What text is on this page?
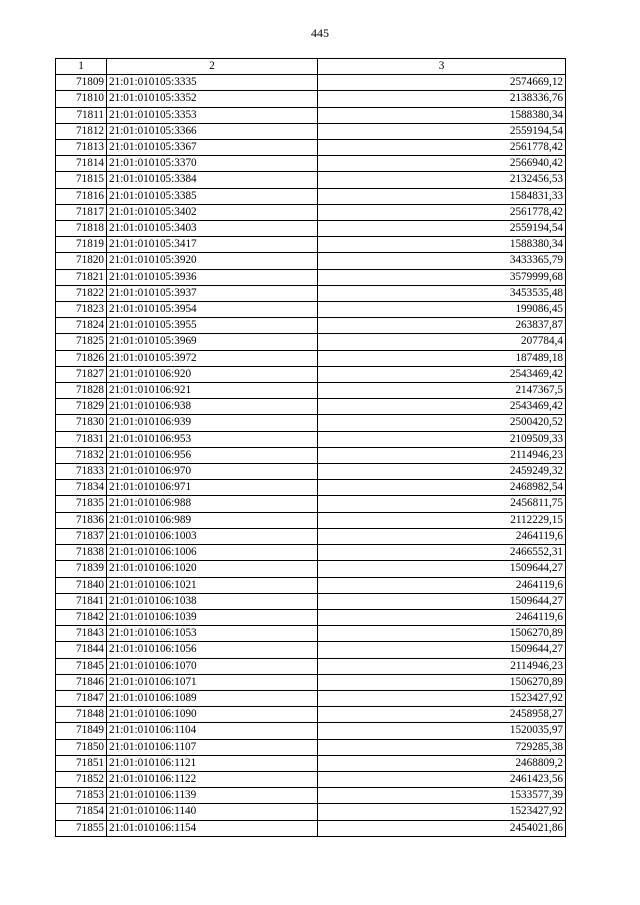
445
1	2	3
71809	21:01:010105:3335	2574669,12
71810	21:01:010105:3352	2138336,76
71811	21:01:010105:3353	1588380,34
71812	21:01:010105:3366	2559194,54
71813	21:01:010105:3367	2561778,42
71814	21:01:010105:3370	2566940,42
71815	21:01:010105:3384	2132456,53
71816	21:01:010105:3385	1584831,33
71817	21:01:010105:3402	2561778,42
71818	21:01:010105:3403	2559194,54
71819	21:01:010105:3417	1588380,34
71820	21:01:010105:3920	3433365,79
71821	21:01:010105:3936	3579999,68
71822	21:01:010105:3937	3453535,48
71823	21:01:010105:3954	199086,45
71824	21:01:010105:3955	263837,87
71825	21:01:010105:3969	207784,4
71826	21:01:010105:3972	187489,18
71827	21:01:010106:920	2543469,42
71828	21:01:010106:921	2147367,5
71829	21:01:010106:938	2543469,42
71830	21:01:010106:939	2500420,52
71831	21:01:010106:953	2109509,33
71832	21:01:010106:956	2114946,23
71833	21:01:010106:970	2459249,32
71834	21:01:010106:971	2468982,54
71835	21:01:010106:988	2456811,75
71836	21:01:010106:989	2112229,15
71837	21:01:010106:1003	2464119,6
71838	21:01:010106:1006	2466552,31
71839	21:01:010106:1020	1509644,27
71840	21:01:010106:1021	2464119,6
71841	21:01:010106:1038	1509644,27
71842	21:01:010106:1039	2464119,6
71843	21:01:010106:1053	1506270,89
71844	21:01:010106:1056	1509644,27
71845	21:01:010106:1070	2114946,23
71846	21:01:010106:1071	1506270,89
71847	21:01:010106:1089	1523427,92
71848	21:01:010106:1090	2458958,27
71849	21:01:010106:1104	1520035,97
71850	21:01:010106:1107	729285,38
71851	21:01:010106:1121	2468809,2
71852	21:01:010106:1122	2461423,56
71853	21:01:010106:1139	1533577,39
71854	21:01:010106:1140	1523427,92
71855	21:01:010106:1154	2454021,86
